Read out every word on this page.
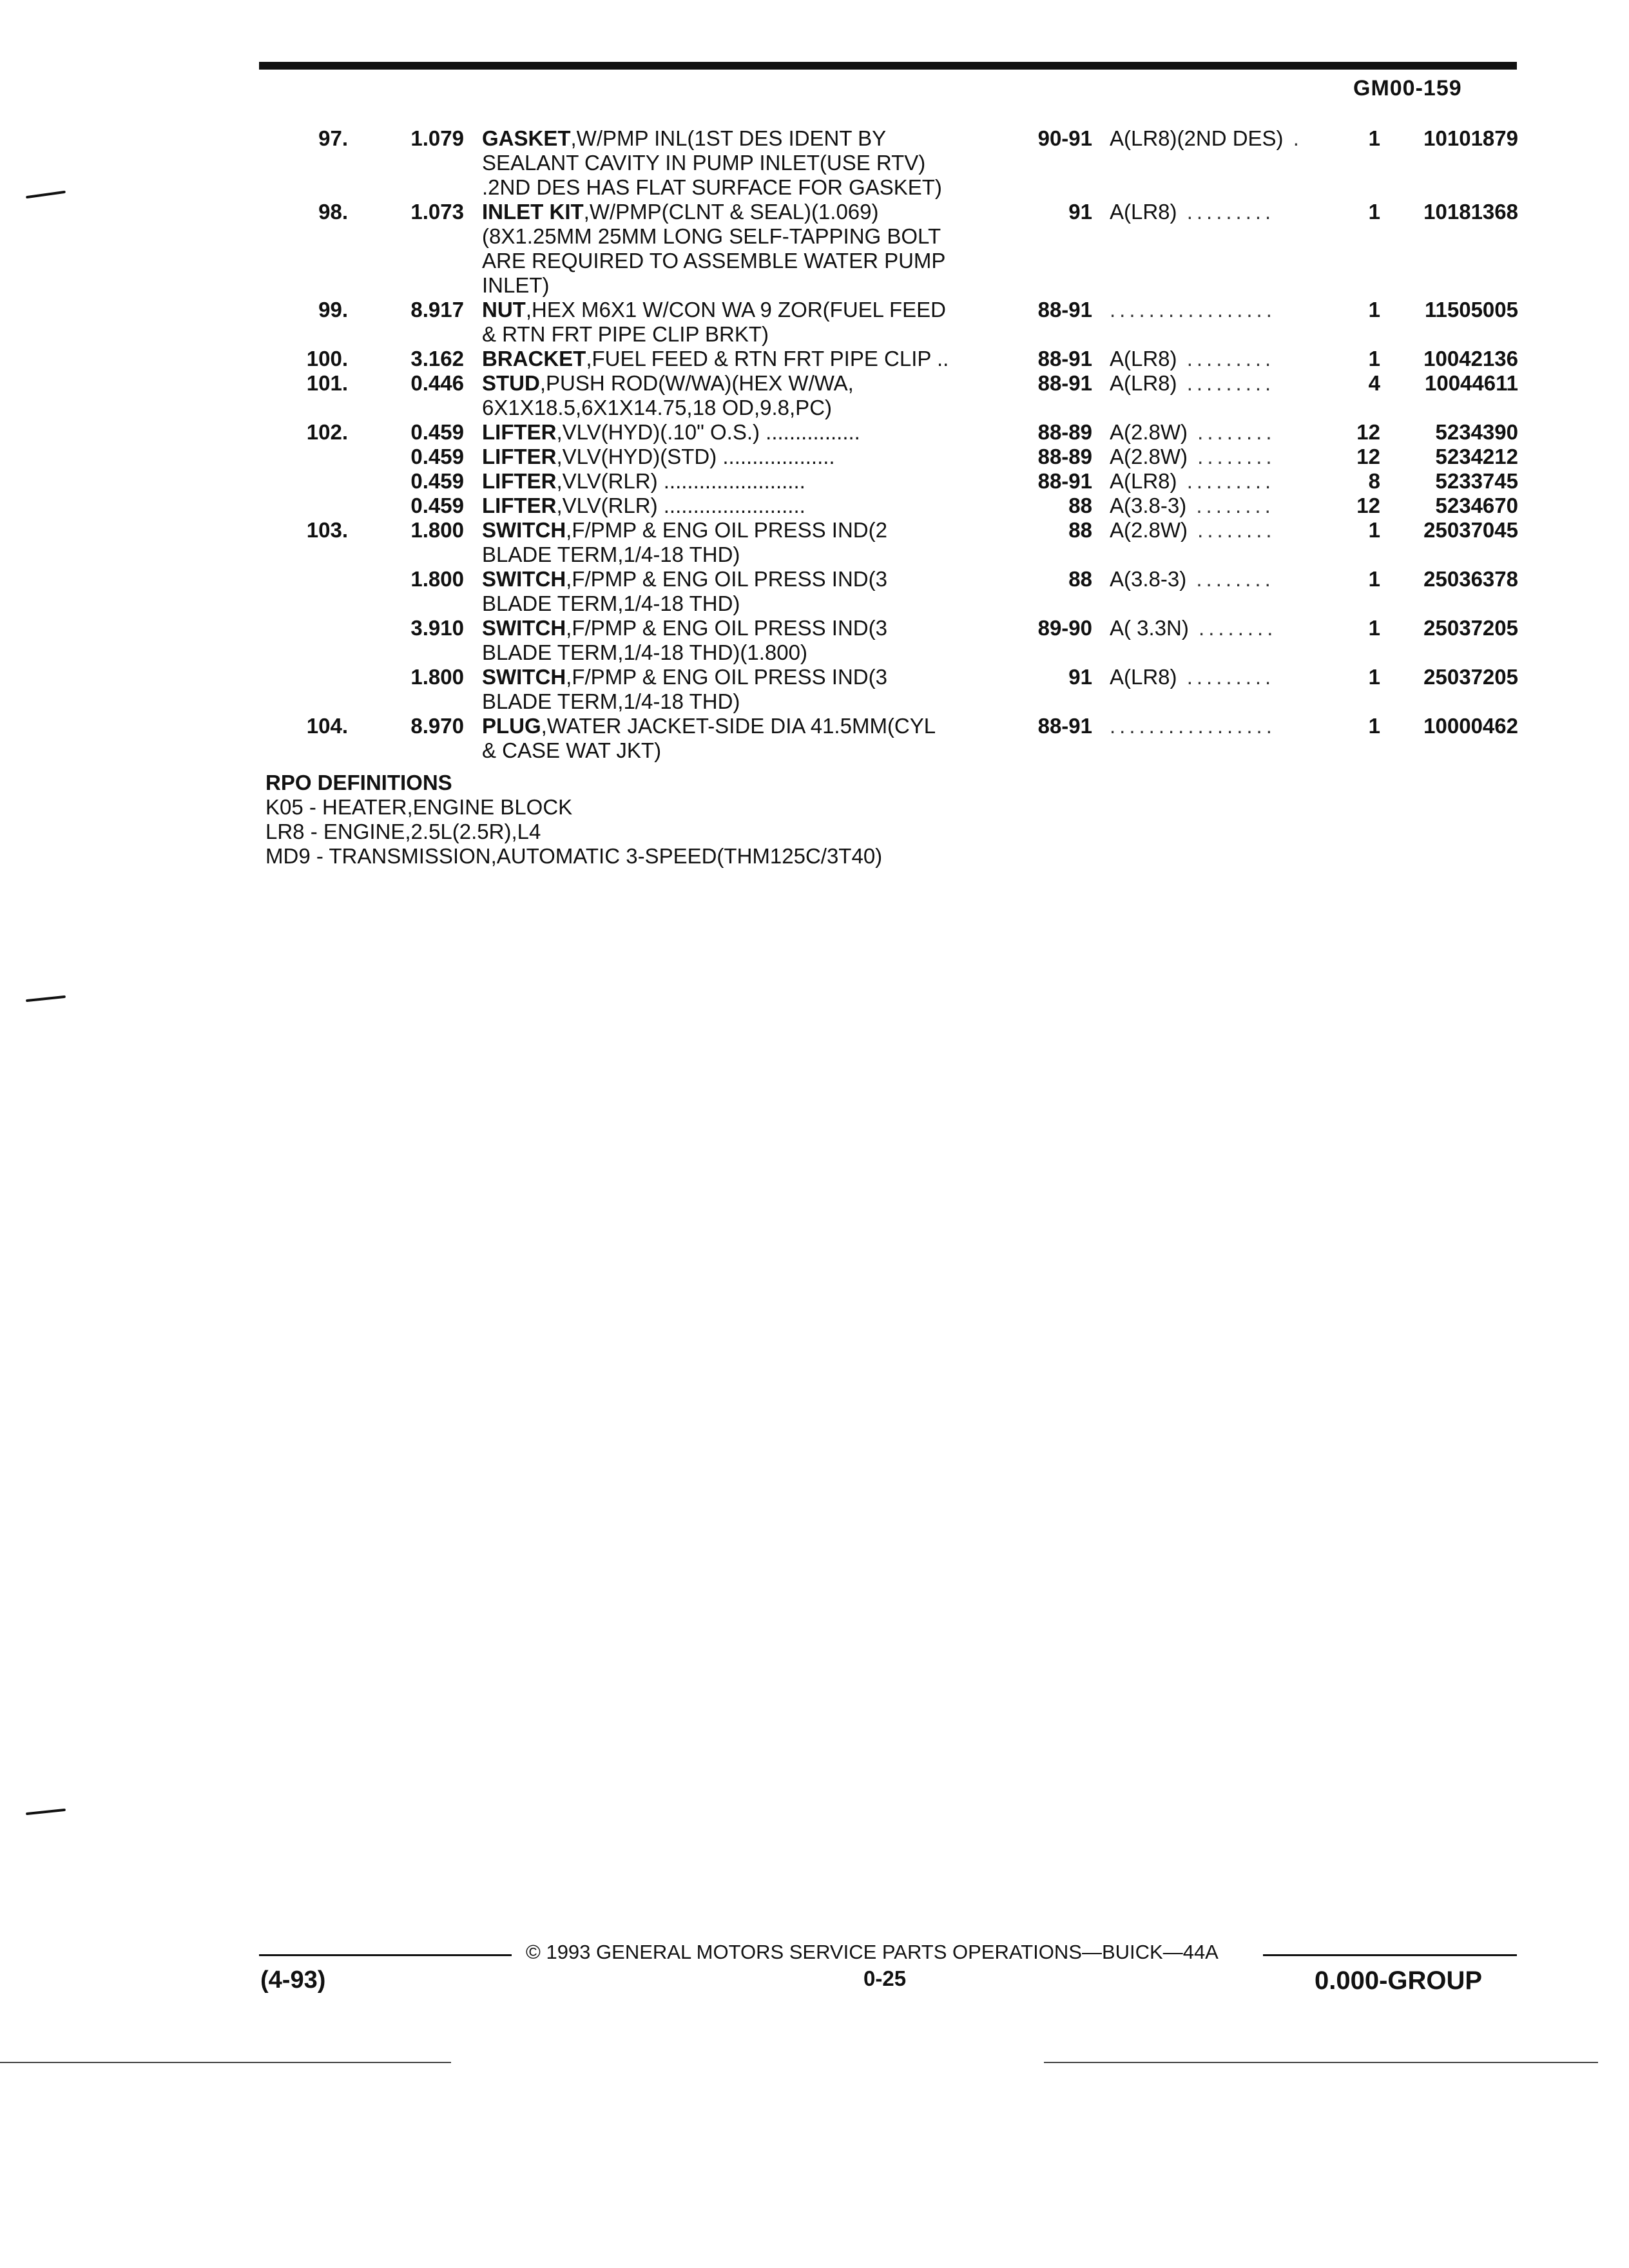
GM00-159
97.	1.079 GASKET,W/PMP INL(1ST DES IDENT BY	90-91 A(LR8)(2ND DES) .	1	10101879
SEALANT CAVITY IN PUMP INLET(USE RTV)
.2ND DES HAS FLAT SURFACE FOR GASKET)
98.	1.073 INLET KIT,W/PMP(CLNT & SEAL)(1.069)	91 A(LR8) .........	1	10181368
(8X1.25MM 25MM LONG SELF-TAPPING BOLT
ARE REQUIRED TO ASSEMBLE WATER PUMP
INLET)
99.	8.917 NUT,HEX M6X1 W/CON WA 9 ZOR(FUEL FEED	88-91 .................	1	11505005
& RTN FRT PIPE CLIP BRKT)
100.	3.162 BRACKET,FUEL FEED & RTN FRT PIPE CLIP ..	88-91 A(LR8) .........	1	10042136
101.	0.446 STUD,PUSH ROD(W/WA)(HEX W/WA,	88-91 A(LR8) .........	4	10044611
6X1X18.5,6X1X14.75,18 OD,9.8,PC)
102.	0.459 LIFTER,VLV(HYD)(.10" O.S.) ................	88-89 A(2.8W) ........	12	5234390
0.459 LIFTER,VLV(HYD)(STD) ...................	88-89 A(2.8W) ........	12	5234212
0.459 LIFTER,VLV(RLR) ........................	88-91 A(LR8) .........	8	5233745
0.459 LIFTER,VLV(RLR) ........................	88 A(3.8-3) ........	12	5234670
103.	1.800 SWITCH,F/PMP & ENG OIL PRESS IND(2	88 A(2.8W) ........	1	25037045
BLADE TERM,1/4-18 THD)
1.800 SWITCH,F/PMP & ENG OIL PRESS IND(3	88 A(3.8-3) ........	1	25036378
BLADE TERM,1/4-18 THD)
3.910 SWITCH,F/PMP & ENG OIL PRESS IND(3	89-90 A( 3.3N) ........	1	25037205
BLADE TERM,1/4-18 THD)(1.800)
1.800 SWITCH,F/PMP & ENG OIL PRESS IND(3	91 A(LR8) .........	1	25037205
BLADE TERM,1/4-18 THD)
104.	8.970 PLUG,WATER JACKET-SIDE DIA 41.5MM(CYL	88-91 .................	1	10000462
& CASE WAT JKT)
RPO DEFINITIONS
K05 - HEATER,ENGINE BLOCK
LR8 - ENGINE,2.5L(2.5R),L4
MD9 - TRANSMISSION,AUTOMATIC 3-SPEED(THM125C/3T40)
© 1993 GENERAL MOTORS SERVICE PARTS OPERATIONS—BUICK—44A
(4-93)	0-25	0.000-GROUP
